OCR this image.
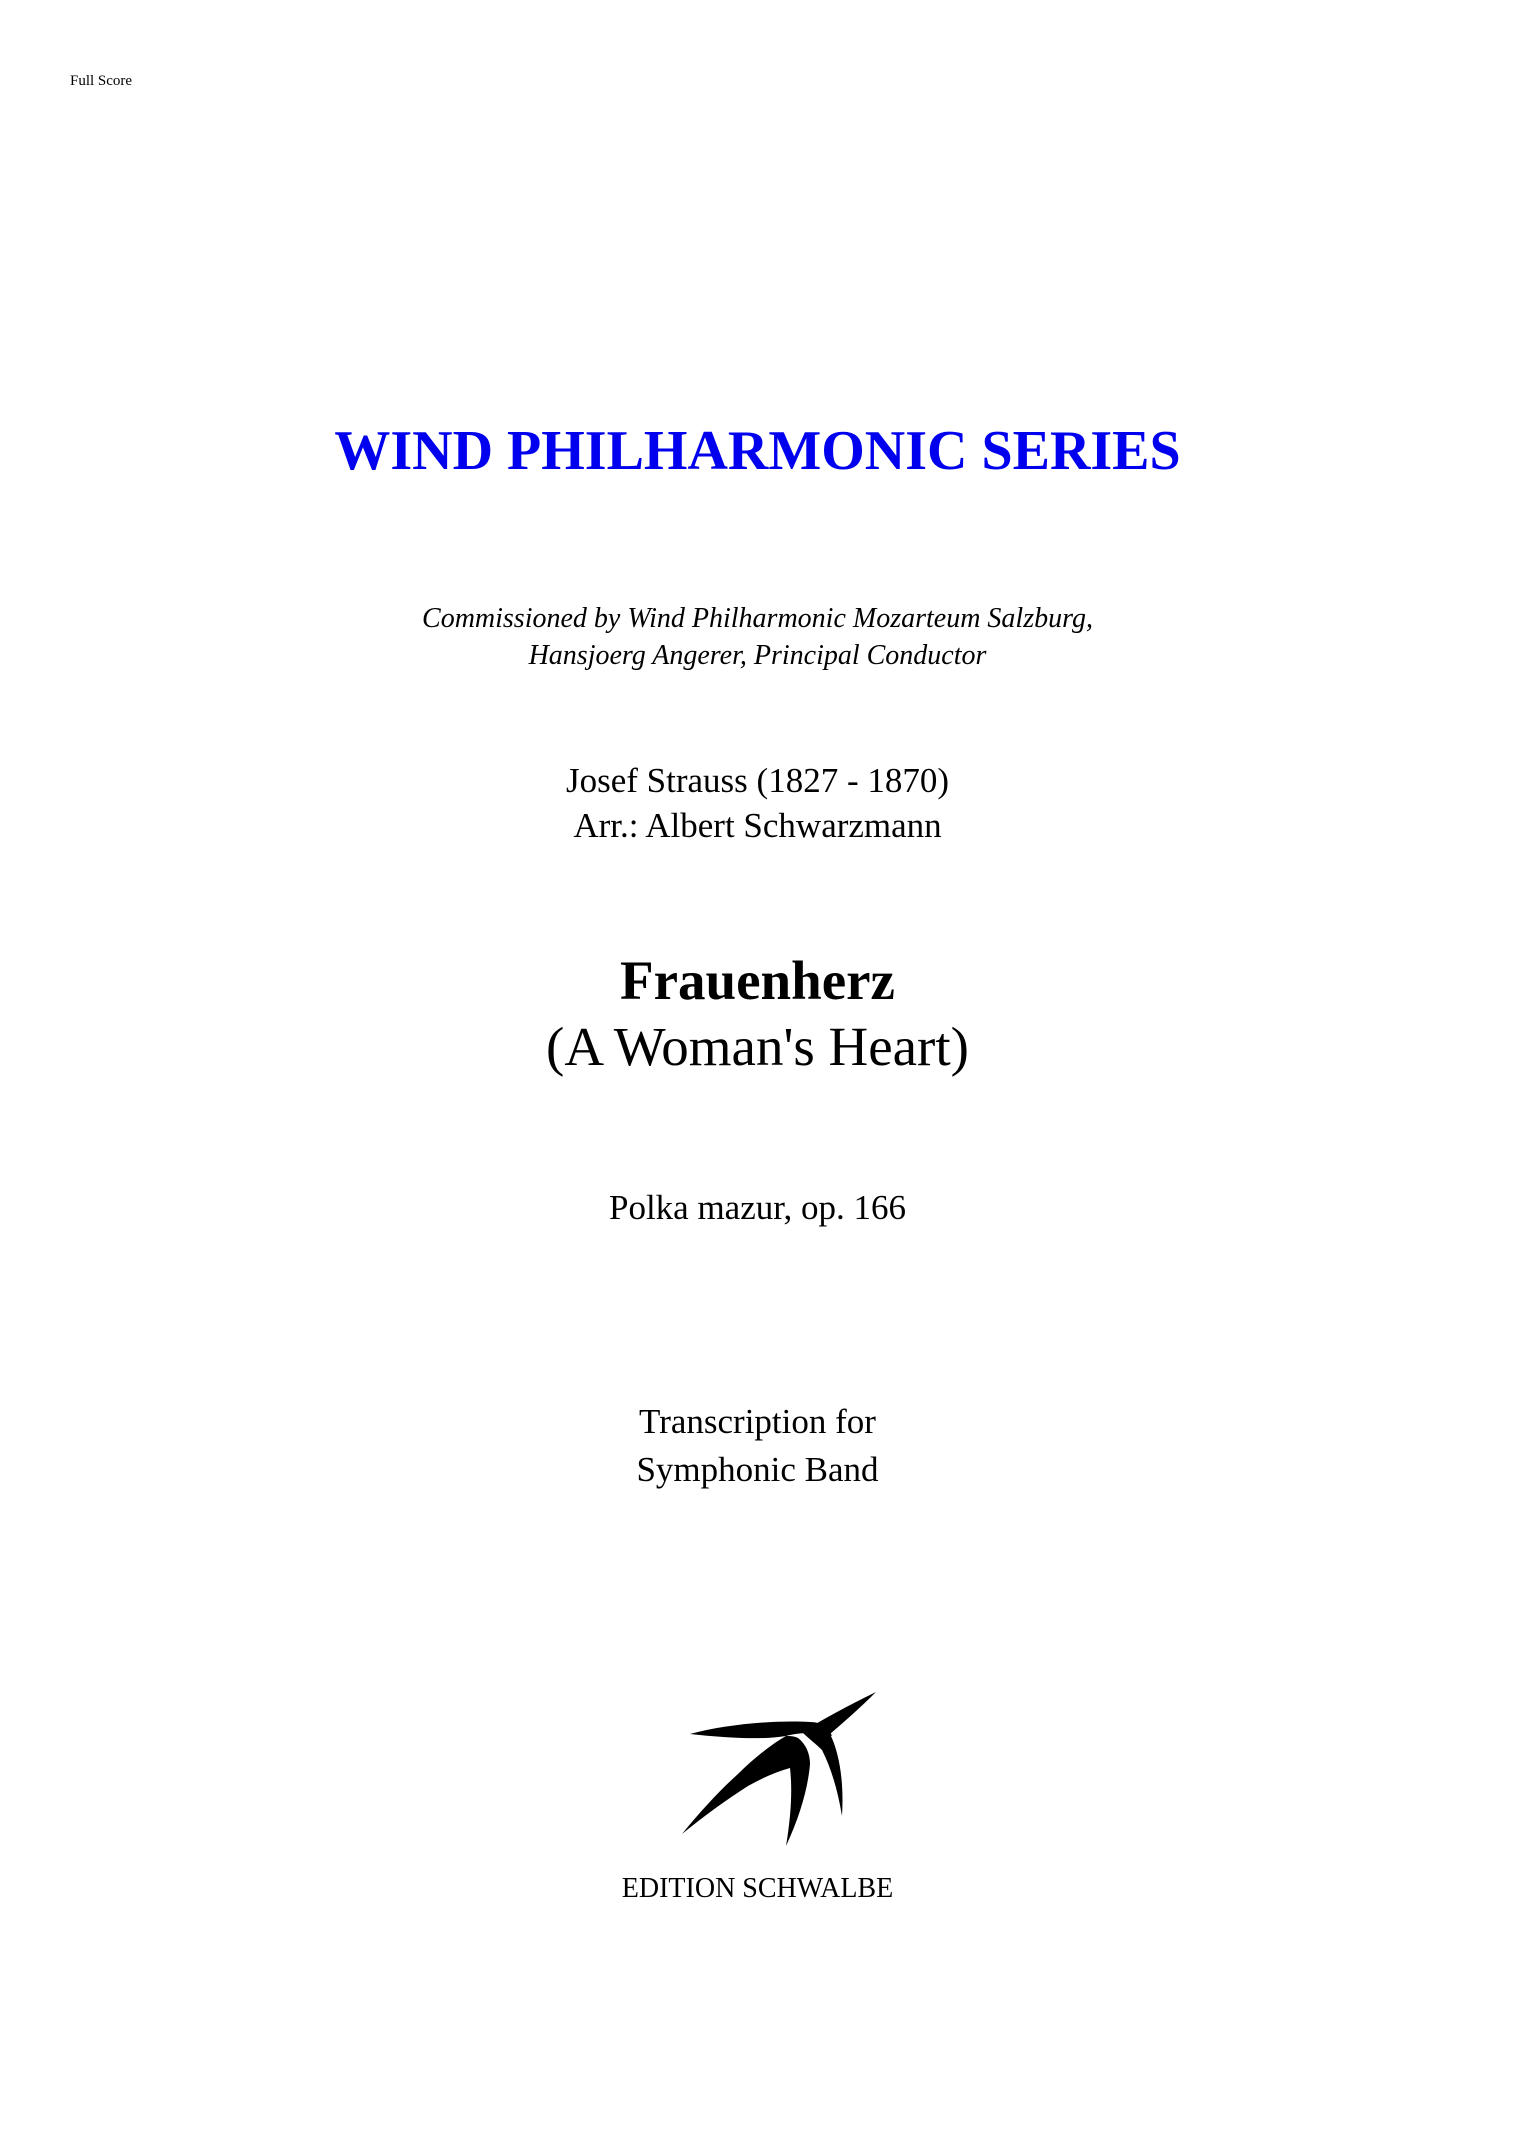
Full Score
WIND PHILHARMONIC SERIES
Commissioned by Wind Philharmonic Mozarteum Salzburg,
Hansjoerg Angerer, Principal Conductor
Josef Strauss (1827 - 1870)
Arr.: Albert Schwarzmann
Frauenherz
(A Woman's Heart)
Polka mazur, op. 166
Transcription for
Symphonic Band
EDITION SCHWALBE
